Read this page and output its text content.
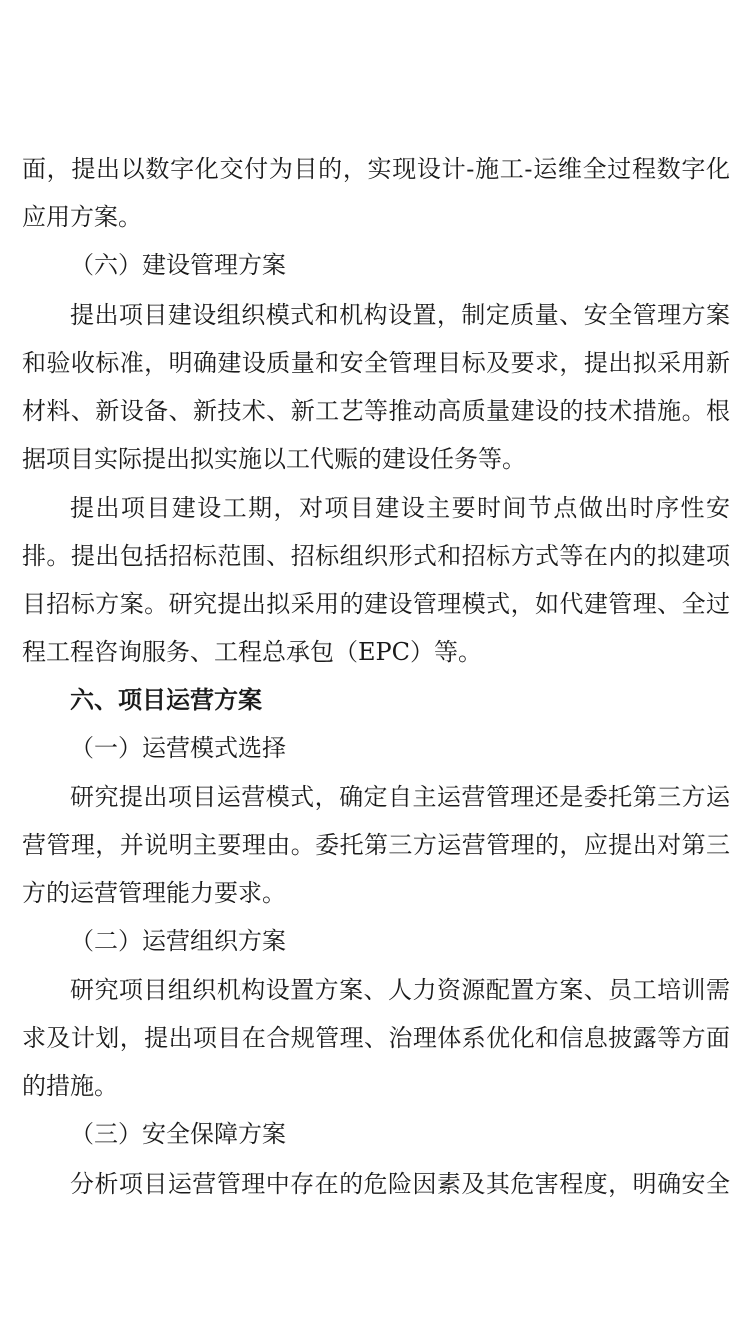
面，提出以数字化交付为目的，实现设计-施工-运维全过程数字化
应用方案。
（六）建设管理方案
提出项目建设组织模式和机构设置，制定质量、安全管理方案
和验收标准，明确建设质量和安全管理目标及要求，提出拟采用新
材料、新设备、新技术、新工艺等推动高质量建设的技术措施。根
据项目实际提出拟实施以工代赈的建设任务等。
提出项目建设工期，对项目建设主要时间节点做出时序性安
排。提出包括招标范围、招标组织形式和招标方式等在内的拟建项
目招标方案。研究提出拟采用的建设管理模式，如代建管理、全过
程工程咨询服务、工程总承包（EPC）等。
六、项目运营方案
（一）运营模式选择
研究提出项目运营模式，确定自主运营管理还是委托第三方运
营管理，并说明主要理由。委托第三方运营管理的，应提出对第三
方的运营管理能力要求。
（二）运营组织方案
研究项目组织机构设置方案、人力资源配置方案、员工培训需
求及计划，提出项目在合规管理、治理体系优化和信息披露等方面
的措施。
（三）安全保障方案
分析项目运营管理中存在的危险因素及其危害程度，明确安全
